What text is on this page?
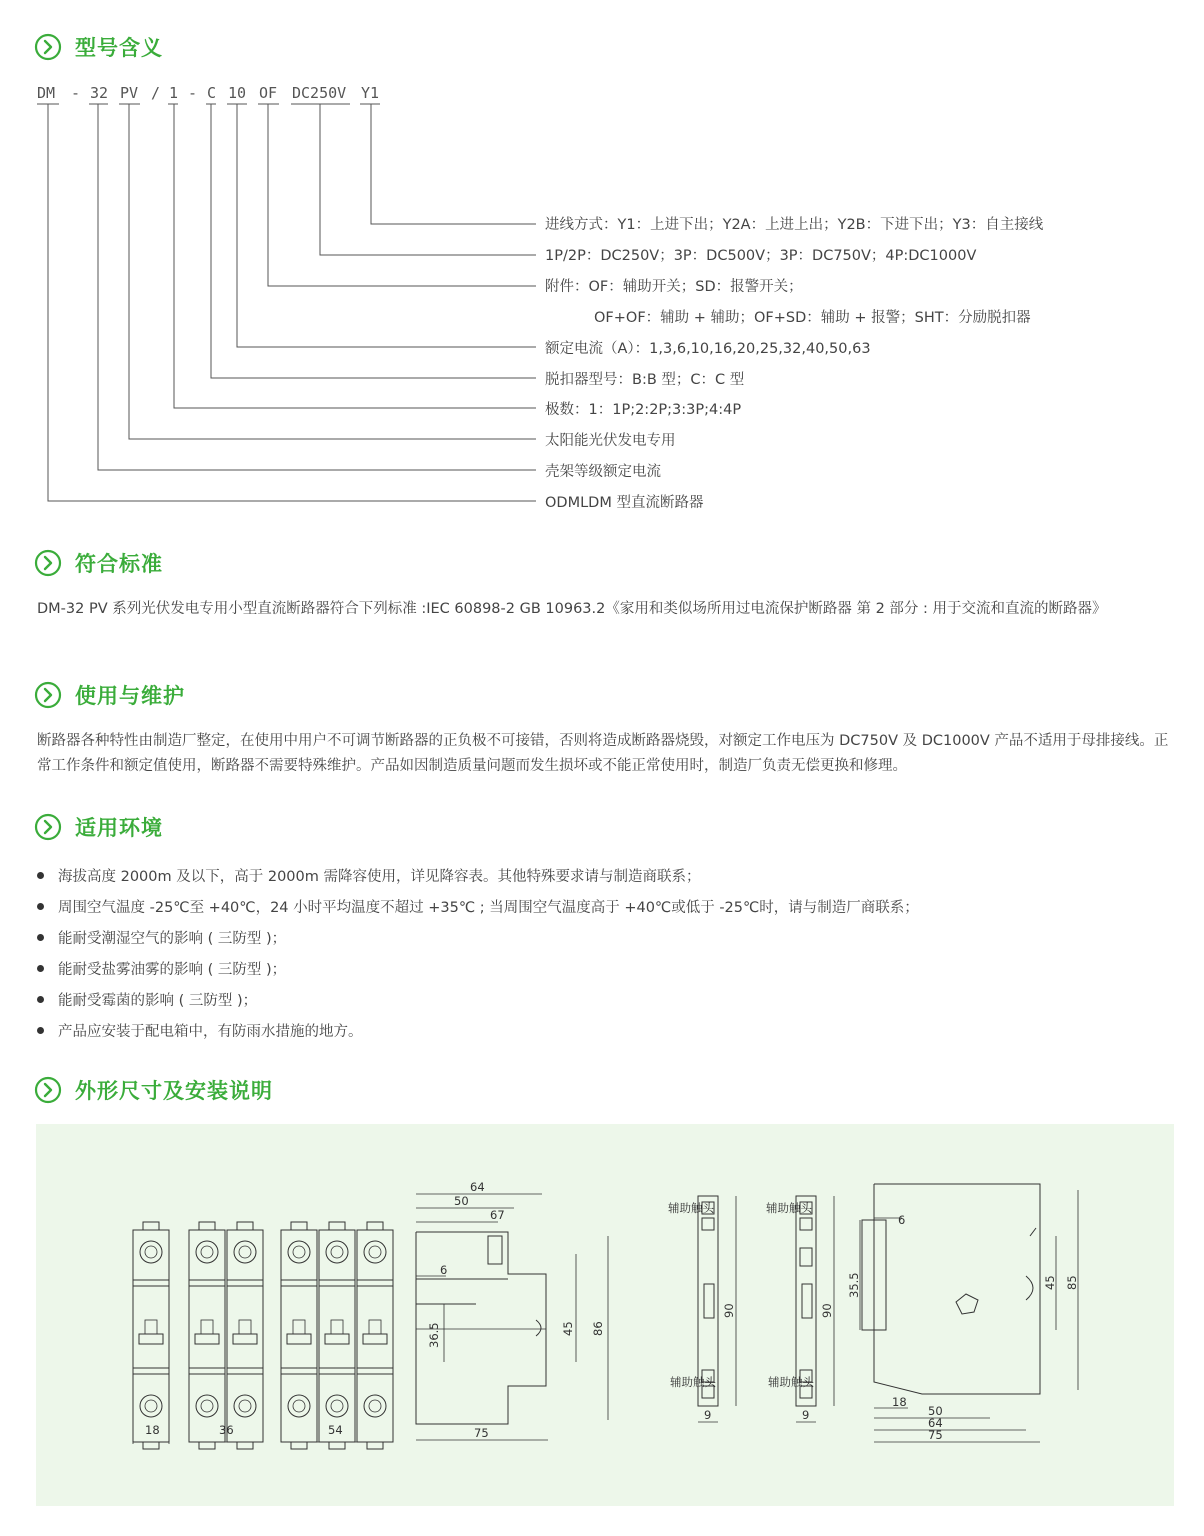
型号含义
DM - 32 PV / 1 - C 10 OF DC250V Y1
进线方式：Y1：上进下出；Y2A：上进上出；Y2B：下进下出；Y3：自主接线
1P/2P：DC250V；3P：DC500V；3P：DC750V；4P:DC1000V
附件：OF：辅助开关；SD：报警开关；
OF+OF：辅助 + 辅助；OF+SD：辅助 + 报警；SHT：分励脱扣器
额定电流（A）：1,3,6,10,16,20,25,32,40,50,63
脱扣器型号：B:B 型；C：C 型
极数：1：1P;2:2P;3:3P;4:4P
太阳能光伏发电专用
壳架等级额定电流
ODMLDM 型直流断路器
符合标准
DM-32 PV 系列光伏发电专用小型直流断路器符合下列标准 :IEC 60898-2 GB 10963.2《家用和类似场所用过电流保护断路器 第 2 部分 : 用于交流和直流的断路器》
使用与维护
断路器各种特性由制造厂整定，在使用中用户不可调节断路器的正负极不可接错，否则将造成断路器烧毁，对额定工作电压为 DC750V 及 DC1000V 产品不适用于母排接线。正常工作条件和额定值使用，断路器不需要特殊维护。产品如因制造质量问题而发生损坏或不能正常使用时，制造厂负责无偿更换和修理。
适用环境
海拔高度 2000m 及以下，高于 2000m 需降容使用，详见降容表。其他特殊要求请与制造商联系；
周围空气温度 -25℃至 +40℃，24 小时平均温度不超过 +35℃ ; 当周围空气温度高于 +40℃或低于 -25℃时，请与制造厂商联系；
能耐受潮湿空气的影响 ( 三防型 )；
能耐受盐雾油雾的影响 ( 三防型 )；
能耐受霉菌的影响 ( 三防型 )；
产品应安装于配电箱中，有防雨水措施的地方。
外形尺寸及安装说明
18	36	54
64
50
67
6
36.5	45 86
75
辅助触头
辅助触头
90
9
辅助触头
辅助触头
90
9
6
35.5	45 85
18
50
64
75
